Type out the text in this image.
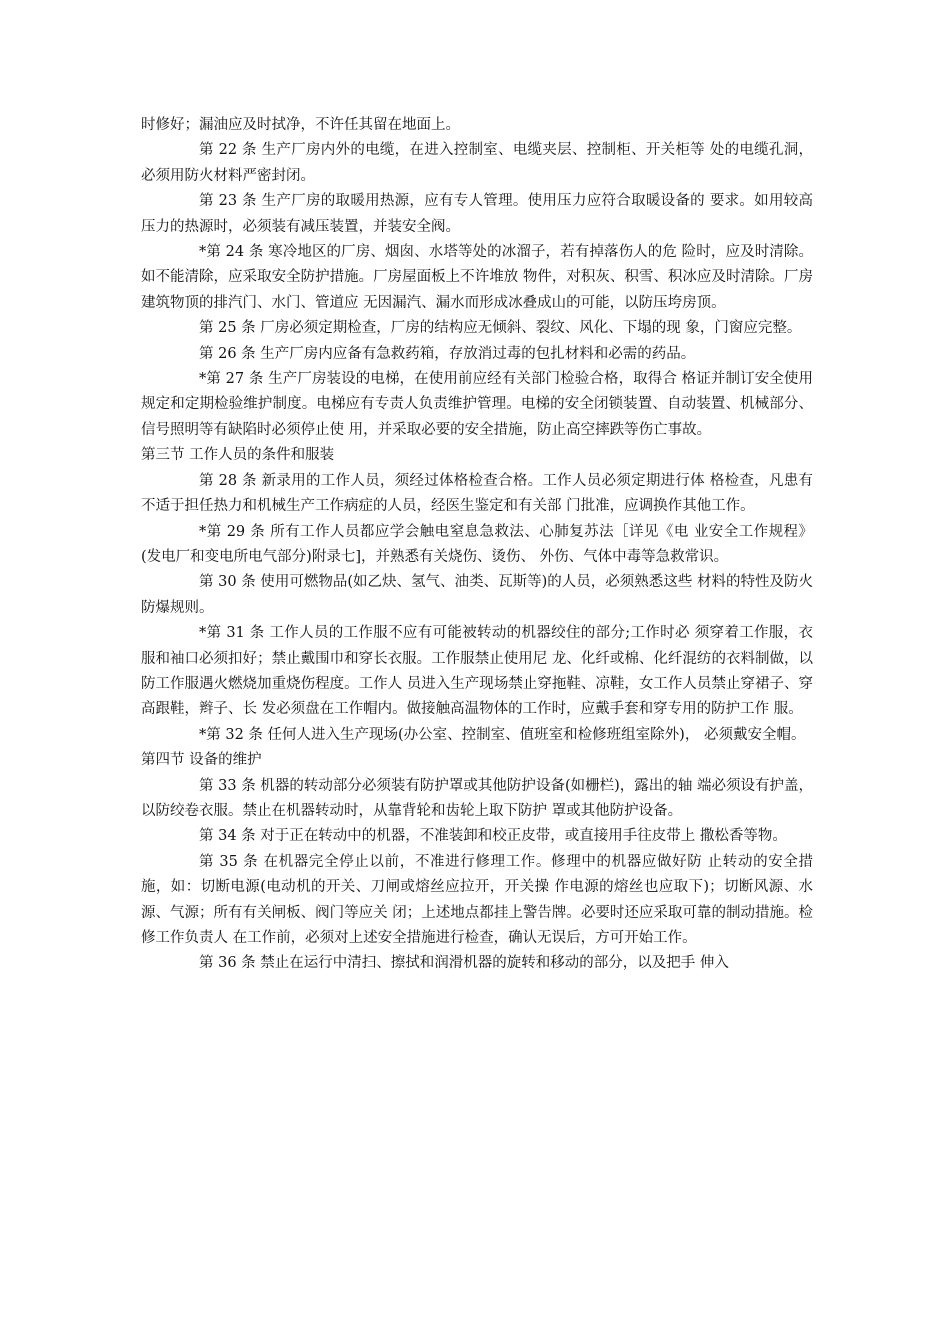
时修好；漏油应及时拭净，不许任其留在地面上。

第 22 条 生产厂房内外的电缆，在进入控制室、电缆夹层、控制柜、开关柜等 处的电缆孔洞，必须用防火材料严密封闭。

第 23 条 生产厂房的取暖用热源，应有专人管理。使用压力应符合取暖设备的 要求。如用较高压力的热源时，必须装有减压装置，并装安全阀。

*第 24 条 寒冷地区的厂房、烟囱、水塔等处的冰溜子，若有掉落伤人的危 险时，应及时清除。如不能清除，应采取安全防护措施。厂房屋面板上不许堆放 物件，对积灰、积雪、积冰应及时清除。厂房建筑物顶的排汽门、水门、管道应 无因漏汽、漏水而形成冰叠成山的可能，以防压垮房顶。

第 25 条 厂房必须定期检查，厂房的结构应无倾斜、裂纹、风化、下塌的现 象，门窗应完整。

第 26 条 生产厂房内应备有急救药箱，存放消过毒的包扎材料和必需的药品。

*第 27 条 生产厂房装设的电梯，在使用前应经有关部门检验合格，取得合 格证并制订安全使用规定和定期检验维护制度。电梯应有专责人负责维护管理。电梯的安全闭锁装置、自动装置、机械部分、信号照明等有缺陷时必须停止使 用，并采取必要的安全措施，防止高空摔跌等伤亡事故。

第三节 工作人员的条件和服装

第 28 条 新录用的工作人员，须经过体格检查合格。工作人员必须定期进行体 格检查，凡患有不适于担任热力和机械生产工作病症的人员，经医生鉴定和有关部 门批准，应调换作其他工作。

*第 29 条 所有工作人员都应学会触电窒息急救法、心肺复苏法［详见《电 业安全工作规程》(发电厂和变电所电气部分)附录七]，并熟悉有关烧伤、烫伤、 外伤、气体中毒等急救常识。

第 30 条 使用可燃物品(如乙炔、氢气、油类、瓦斯等)的人员，必须熟悉这些 材料的特性及防火防爆规则。

*第 31 条 工作人员的工作服不应有可能被转动的机器绞住的部分;工作时必 须穿着工作服，衣服和袖口必须扣好；禁止戴围巾和穿长衣服。工作服禁止使用尼 龙、化纤或棉、化纤混纺的衣料制做，以防工作服遇火燃烧加重烧伤程度。工作人 员进入生产现场禁止穿拖鞋、凉鞋，女工作人员禁止穿裙子、穿高跟鞋，辫子、长 发必须盘在工作帽内。做接触高温物体的工作时，应戴手套和穿专用的防护工作 服。

*第 32 条 任何人进入生产现场(办公室、控制室、值班室和检修班组室除外)， 必须戴安全帽。

第四节 设备的维护

第 33 条 机器的转动部分必须装有防护罩或其他防护设备(如栅栏)，露出的轴 端必须设有护盖，以防绞卷衣服。禁止在机器转动时，从靠背轮和齿轮上取下防护 罩或其他防护设备。

第 34 条 对于正在转动中的机器，不准装卸和校正皮带，或直接用手往皮带上 撒松香等物。

第 35 条 在机器完全停止以前，不准进行修理工作。修理中的机器应做好防 止转动的安全措施，如：切断电源(电动机的开关、刀闸或熔丝应拉开，开关操 作电源的熔丝也应取下)；切断风源、水源、气源；所有有关闸板、阀门等应关 闭；上述地点都挂上警告牌。必要时还应采取可靠的制动措施。检修工作负责人 在工作前，必须对上述安全措施进行检查，确认无误后，方可开始工作。

第 36 条 禁止在运行中清扫、擦拭和润滑机器的旋转和移动的部分，以及把手 伸入
